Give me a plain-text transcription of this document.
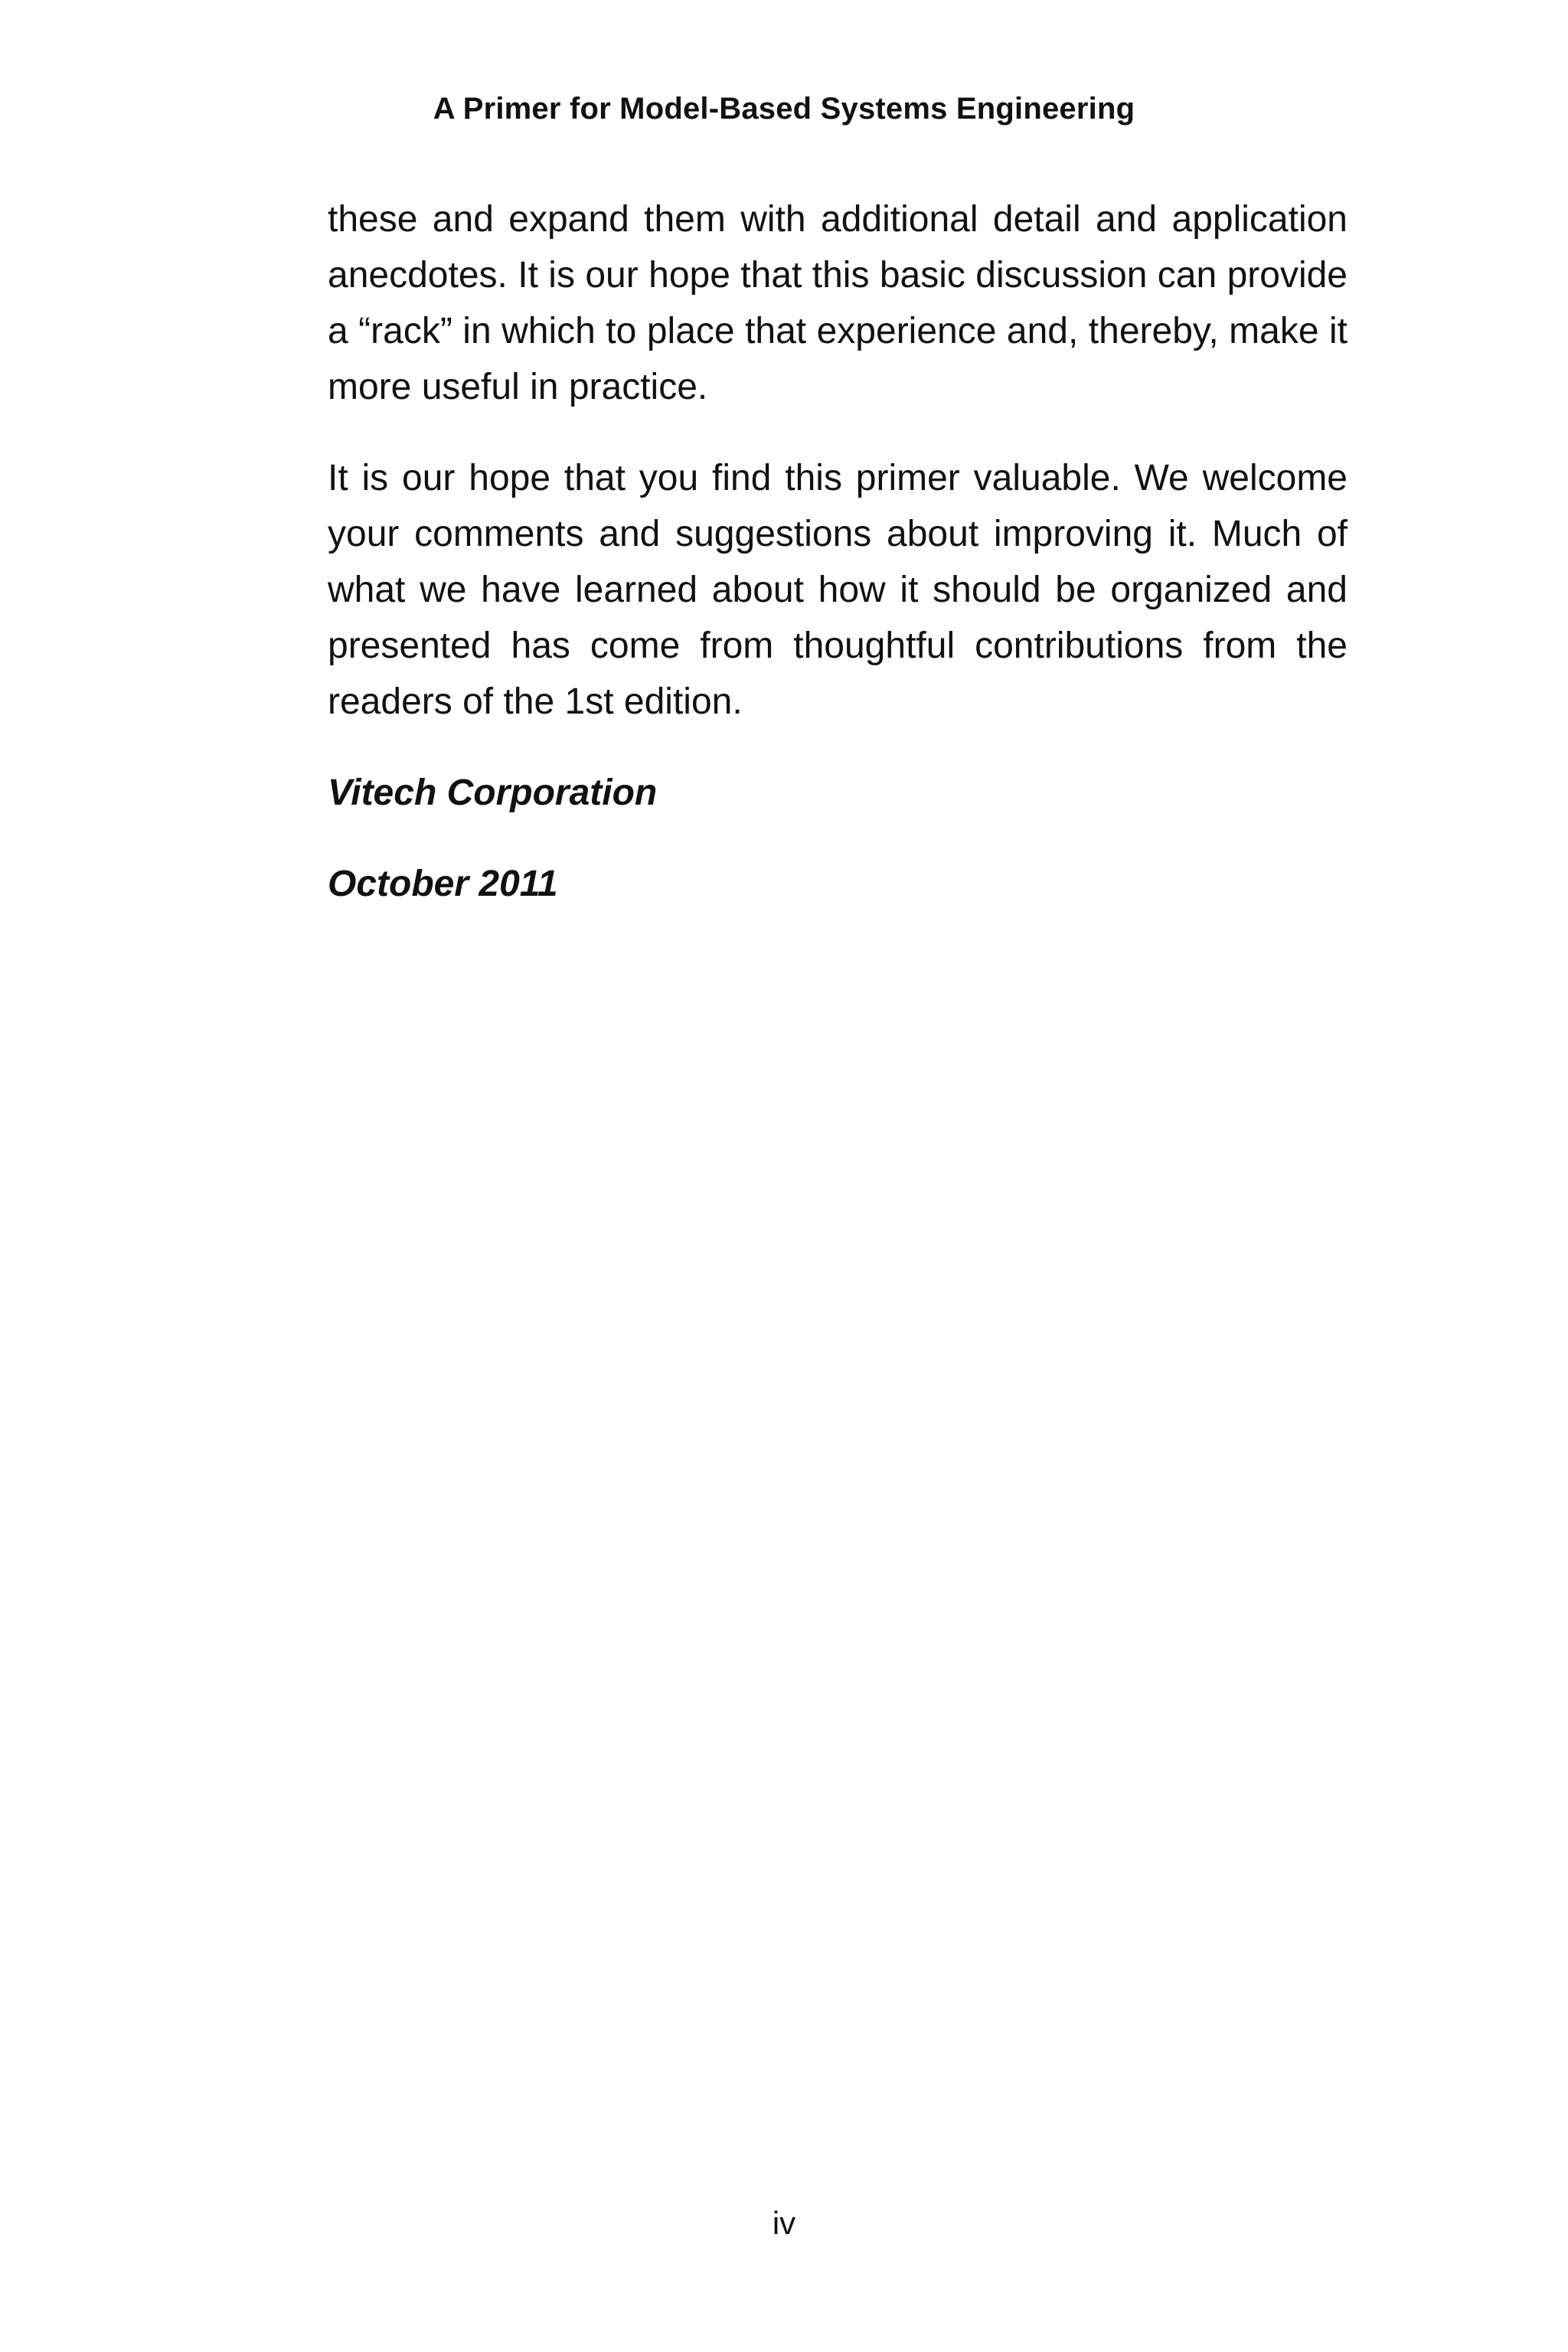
A Primer for Model-Based Systems Engineering

these and expand them with additional detail and application anecdotes. It is our hope that this basic discussion can provide a “rack” in which to place that experience and, thereby, make it more useful in practice.

It is our hope that you find this primer valuable. We welcome your comments and suggestions about improving it. Much of what we have learned about how it should be organized and presented has come from thoughtful contributions from the readers of the 1st edition.

Vitech Corporation

October 2011

iv
